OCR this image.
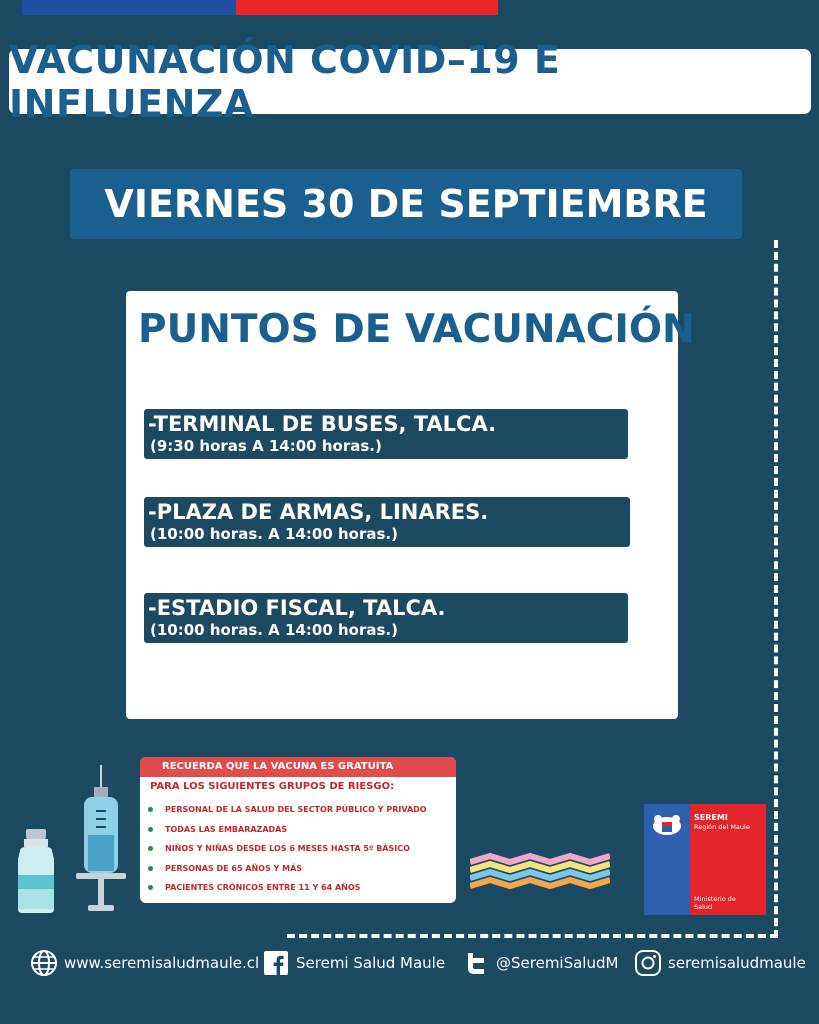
VACUNACIÓN COVID–19 E INFLUENZA
VIERNES 30 DE SEPTIEMBRE
PUNTOS DE VACUNACIÓN
-TERMINAL DE BUSES, TALCA.
(9:30 horas A 14:00 horas.)
-PLAZA DE ARMAS, LINARES.
(10:00 horas. A 14:00 horas.)
-ESTADIO FISCAL, TALCA.
(10:00 horas. A 14:00 horas.)
RECUERDA QUE LA VACUNA ES GRATUITA
PARA LOS SIGUIENTES GRUPOS DE RIESGO:
PERSONAL DE LA SALUD DEL SECTOR PÚBLICO Y PRIVADO
TODAS LAS EMBARAZADAS
NIÑOS Y NIÑAS DESDE LOS 6 MESES HASTA 5º BÁSICO
PERSONAS DE 65 AÑOS Y MÁS
PACIENTES CRÓNICOS ENTRE 11 Y 64 AÑOS
SEREMI
Región del Maule
Ministerio de Salud
www.seremisaludmaule.cl Seremi Salud Maule	@SeremiSaludM	seremisaludmaule
